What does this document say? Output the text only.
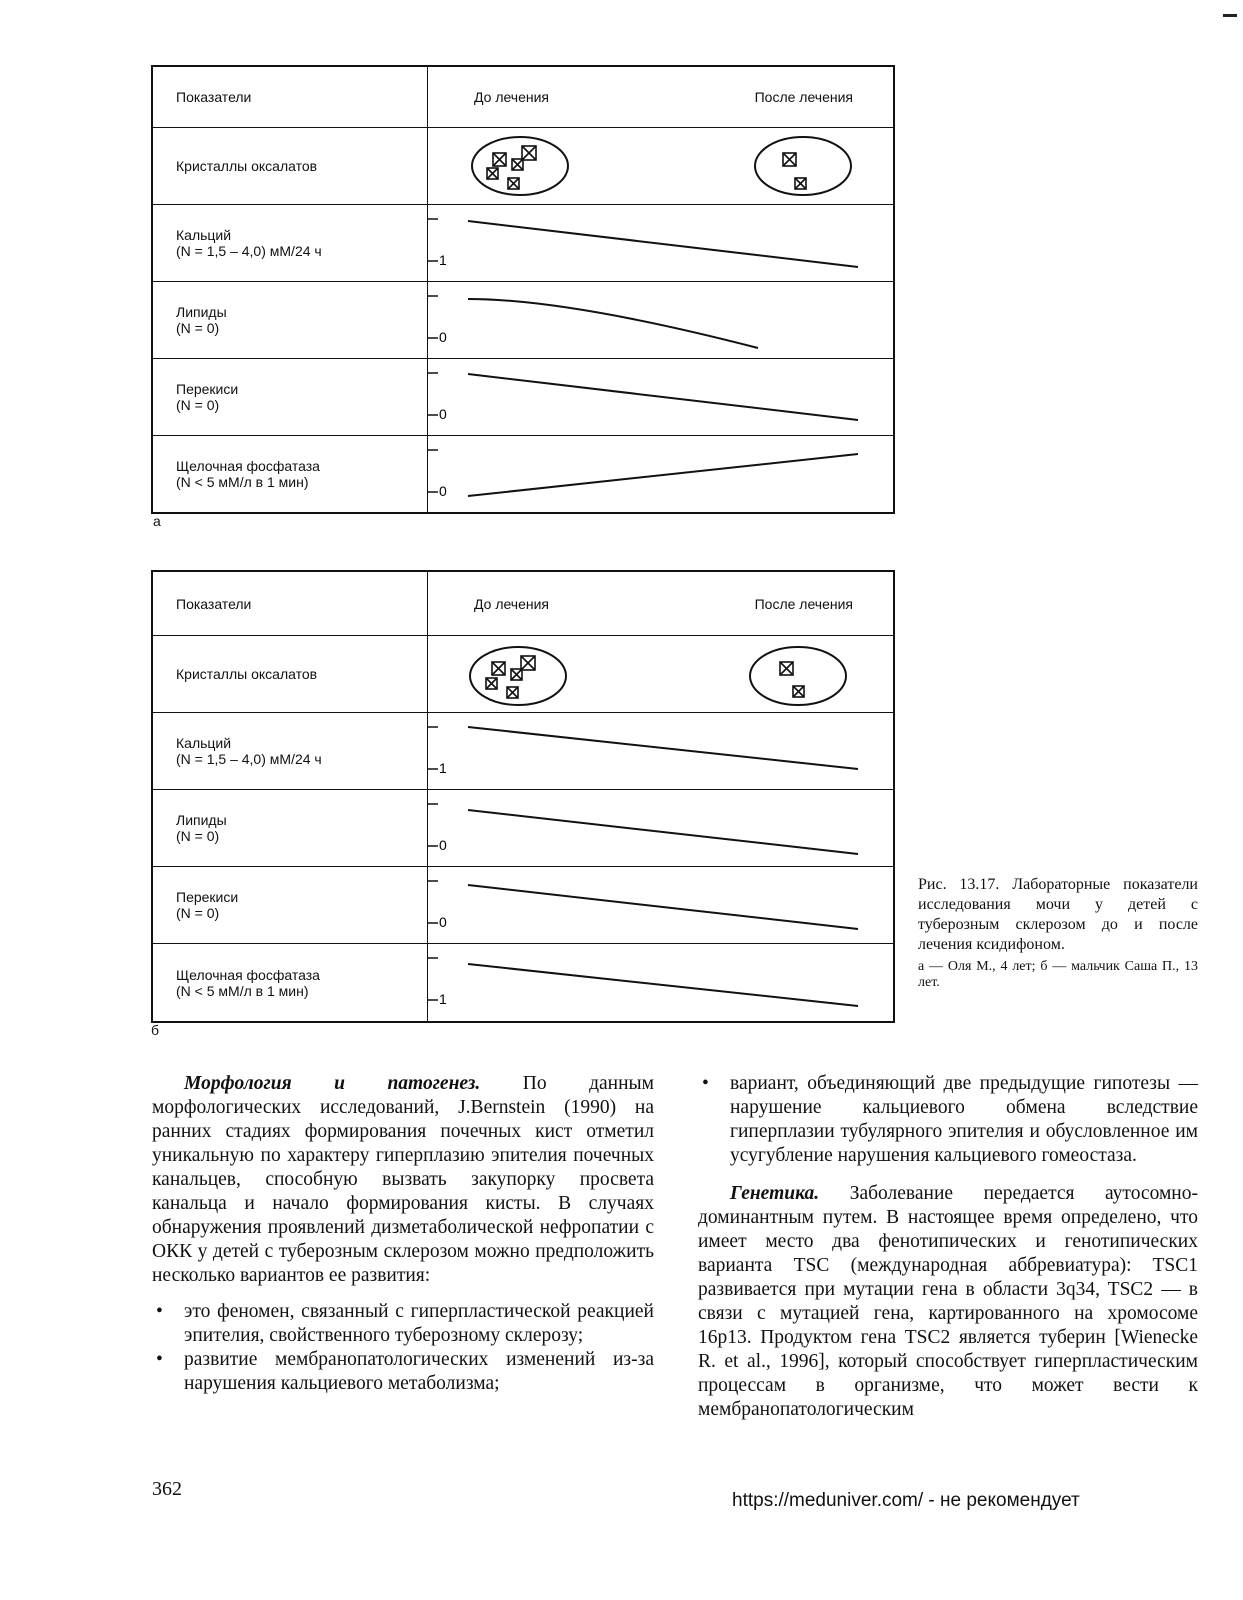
Показатели	До лечения	После лечения
Кристаллы оксалатов
Кальций
(N = 1,5 – 4,0) мМ/24 ч
1
Липиды
(N = 0)
0
Перекиси
(N = 0)
0
Щелочная фосфатаза
(N < 5 мМ/л в 1 мин)
0
а
Показатели	До лечения	После лечения
Кристаллы оксалатов
Кальций
(N = 1,5 – 4,0) мМ/24 ч
1
Липиды
(N = 0)
0
Перекиси
(N = 0)
0
Щелочная фосфатаза
(N < 5 мМ/л в 1 мин)
1
б
Рис. 13.17. Лабораторные показатели исследования мочи у детей с туберозным склерозом до и после лечения ксидифоном.
а — Оля М., 4 лет; б — мальчик Саша П., 13 лет.

Морфология и патогенез. По данным морфологических исследований, J.Bernstein (1990) на ранних стадиях формирования почечных кист отметил уникальную по характеру гиперплазию эпителия почечных канальцев, способную вызвать закупорку просвета канальца и начало формирования кисты. В случаях обнаружения проявлений дизметаболической нефропатии с ОКК у детей с туберозным склерозом можно предположить несколько вариантов ее развития:

• это феномен, связанный с гиперпластической реакцией эпителия, свойственного туберозному склерозу;
• развитие мембранопатологических изменений из-за нарушения кальциевого метаболизма;
• вариант, объединяющий две предыдущие гипотезы — нарушение кальциевого обмена вследствие гиперплазии тубулярного эпителия и обусловленное им усугубление нарушения кальциевого гомеостаза.

Генетика. Заболевание передается аутосомно-доминантным путем. В настоящее время определено, что имеет место два фенотипических и генотипических варианта TSC (международная аббревиатура): TSC1 развивается при мутации гена в области 3q34, TSC2 — в связи с мутацией гена, картированного на хромосоме 16p13. Продуктом гена TSC2 является туберин [Wienecke R. et al., 1996], который способствует гиперпластическим процессам в организме, что может вести к мембранопатологическим

362
https://meduniver.com/ - не рекомендует
